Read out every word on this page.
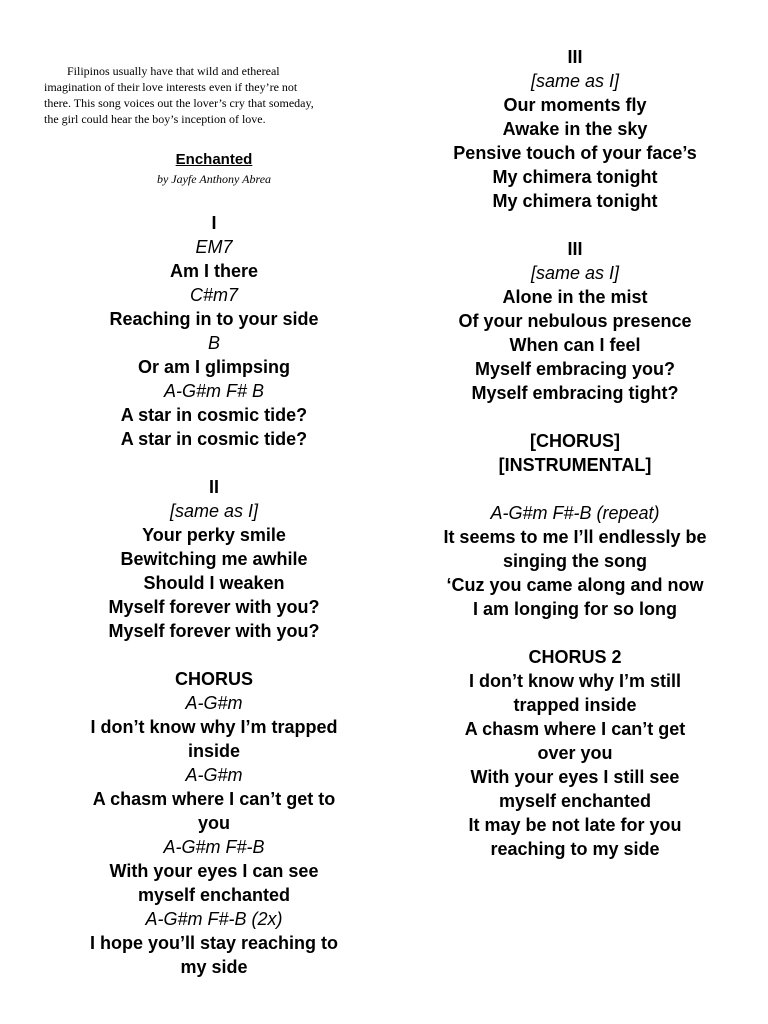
Filipinos usually have that wild and ethereal
imagination of their love interests even if they’re not
there. This song voices out the lover’s cry that someday,
the girl could hear the boy’s inception of love.
Enchanted
by Jayfe Anthony Abrea
I
EM7
Am I there
C#m7
Reaching in to your side
B
Or am I glimpsing
A-G#m F# B
A star in cosmic tide?
A star in cosmic tide?
II
[same as I]
Your perky smile
Bewitching me awhile
Should I weaken
Myself forever with you?
Myself forever with you?
CHORUS
A-G#m
I don’t know why I’m trapped
inside
A-G#m
A chasm where I can’t get to
you
A-G#m F#-B
With your eyes I can see
myself enchanted
A-G#m F#-B (2x)
I hope you’ll stay reaching to
my side
III
[same as I]
Our moments fly
Awake in the sky
Pensive touch of your face’s
My chimera tonight
My chimera tonight
III
[same as I]
Alone in the mist
Of your nebulous presence
When can I feel
Myself embracing you?
Myself embracing tight?
[CHORUS]
[INSTRUMENTAL]
A-G#m F#-B (repeat)
It seems to me I’ll endlessly be
singing the song
‘Cuz you came along and now
I am longing for so long
CHORUS 2
I don’t know why I’m still
trapped inside
A chasm where I can’t get
over you
With your eyes I still see
myself enchanted
It may be not late for you
reaching to my side
